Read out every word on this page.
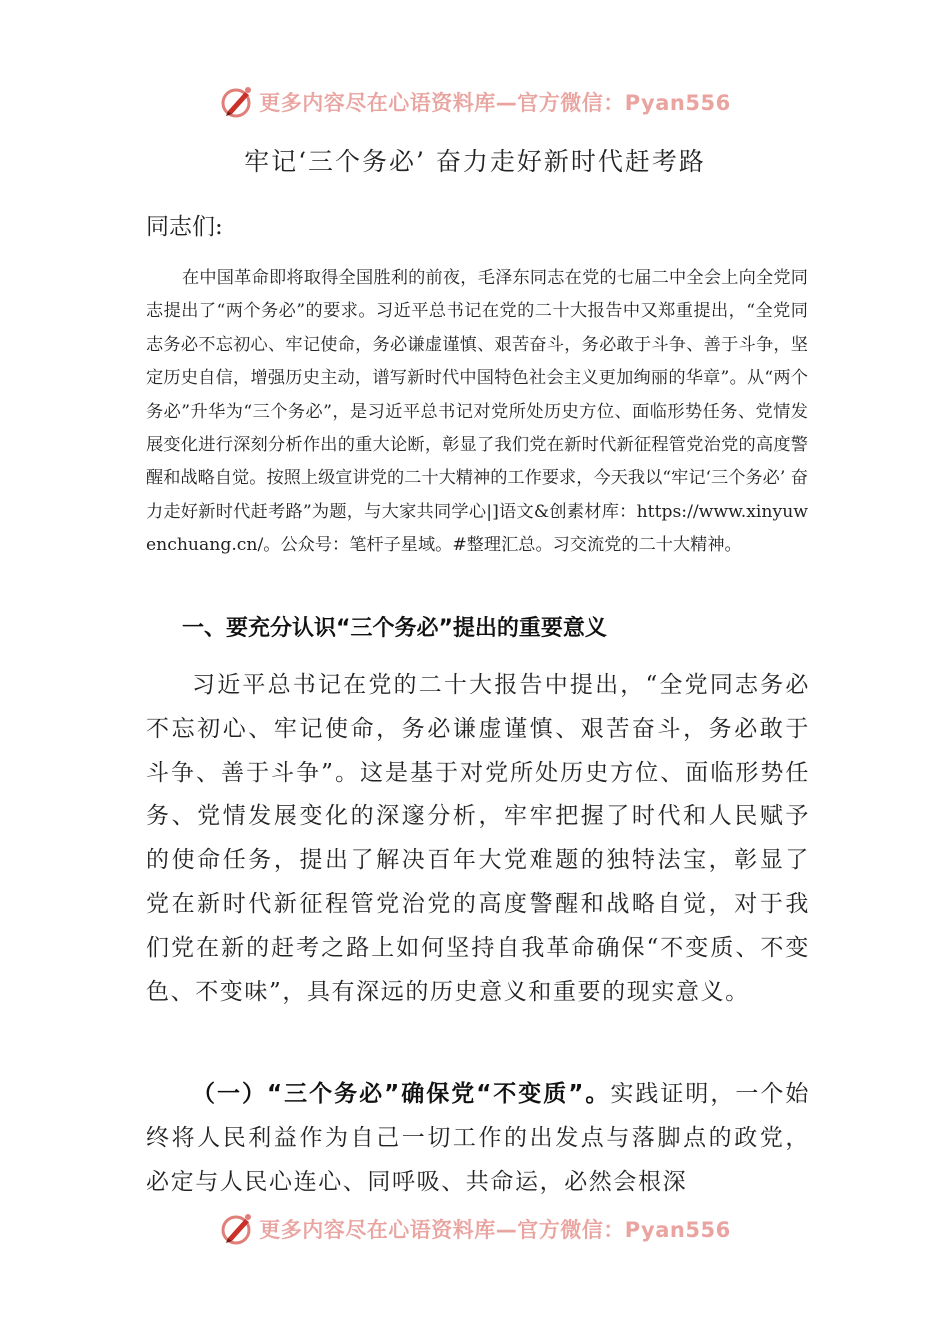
更多内容尽在心语资料库—官方微信：Pyan556
牢记‘三个务必’ 奋力走好新时代赶考路
同志们:

在中国革命即将取得全国胜利的前夜，毛泽东同志在党的七届二中全会上向全党同志提出了“两个务必”的要求。习近平总书记在党的二十大报告中又郑重提出，“全党同志务必不忘初心、牢记使命，务必谦虚谨慎、艰苦奋斗，务必敢于斗争、善于斗争，坚定历史自信，增强历史主动，谱写新时代中国特色社会主义更加绚丽的华章”。从“两个务必”升华为“三个务必”，是习近平总书记对党所处历史方位、面临形势任务、党情发展变化进行深刻分析作出的重大论断，彰显了我们党在新时代新征程管党治党的高度警醒和战略自觉。按照上级宣讲党的二十大精神的工作要求，今天我以“牢记‘三个务必’ 奋力走好新时代赶考路”为题，与大家共同学心|]语文&创素材库：https://www.xinyuwenchuang.cn/。公众号：笔杆子星域。#整理汇总。习交流党的二十大精神。

一、要充分认识“三个务必”提出的重要意义

习近平总书记在党的二十大报告中提出，“全党同志务必不忘初心、牢记使命，务必谦虚谨慎、艰苦奋斗，务必敢于斗争、善于斗争”。这是基于对党所处历史方位、面临形势任务、党情发展变化的深邃分析，牢牢把握了时代和人民赋予的使命任务，提出了解决百年大党难题的独特法宝，彰显了党在新时代新征程管党治党的高度警醒和战略自觉，对于我们党在新的赶考之路上如何坚持自我革命确保“不变质、不变色、不变味”，具有深远的历史意义和重要的现实意义。

（一）“三个务必”确保党“不变质”。实践证明，一个始终将人民利益作为自己一切工作的出发点与落脚点的政党，必定与人民心连心、同呼吸、共命运，必然会根深

更多内容尽在心语资料库—官方微信：Pyan556
